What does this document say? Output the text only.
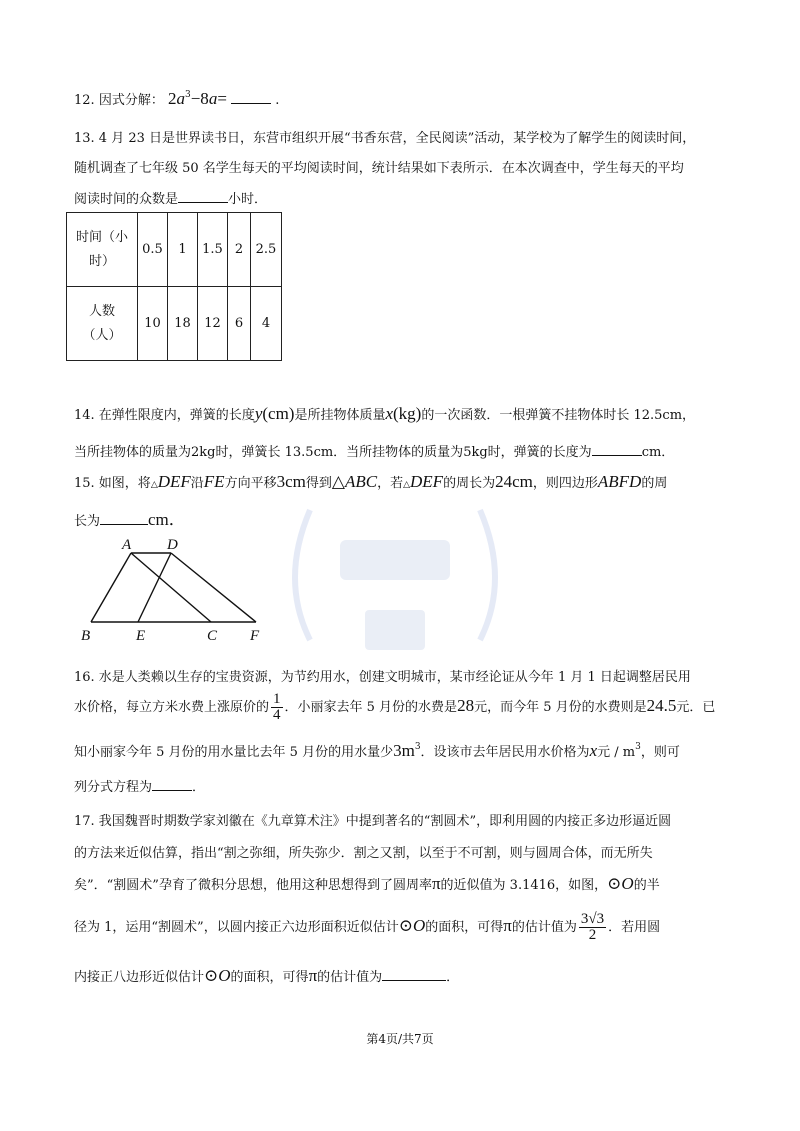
12. 因式分解： $2a^3-8a=$	.
13. 4 月 23 日是世界读书日，东营市组织开展“书香东营，全民阅读”活动，某学校为了解学生的阅读时间，
随机调查了七年级 50 名学生每天的平均阅读时间，统计结果如下表所示．在本次调查中，学生每天的平均
阅读时间的众数是	小时．
时间（小
时）	0.5	1	1.5	2	2.5

人数
（人）	10	18	12	6	4
14. 在弹性限度内，弹簧的长度y(cm)是所挂物体质量x(kg)的一次函数．一根弹簧不挂物体时长 12.5cm，
当所挂物体的质量为2kg时，弹簧长 13.5cm．当所挂物体的质量为5kg时，弹簧的长度为	cm．
15. 如图，将△DEF沿FE方向平移3cm得到△ABC，若△DEF的周长为24cm，则四边形ABFD的周
长为	cm．
A D
B	E	C F
16. 水是人类赖以生存的宝贵资源，为节约用水，创建文明城市，某市经论证从今年 1 月 1 日起调整居民用
水价格，每立方米水费上涨原价的 $\frac{1}{4}$ ．小丽家去年 5 月份的水费是28元，而今年 5 月份的水费则是24.5元．已
知小丽家今年 5 月份的用水量比去年 5 月份的用水量少$3m^3$．设该市去年居民用水价格为x元 / $m^3$，则可
列分式方程为	．
17. 我国魏晋时期数学家刘徽在《九章算术注》中提到著名的“割圆术”，即利用圆的内接正多边形逼近圆
的方法来近似估算，指出“割之弥细，所失弥少．割之又割，以至于不可割，则与圆周合体，而无所失
矣”．“割圆术”孕育了微积分思想，他用这种思想得到了圆周率π的近似值为 3.1416，如图，⊙O的半
径为 1，运用“割圆术”，以圆内接正六边形面积近似估计⊙O的面积，可得π的估计值为 $\frac{3√3}{2}$ ．若用圆
内接正八边形近似估计⊙O的面积，可得π的估计值为	．
第4页/共7页
